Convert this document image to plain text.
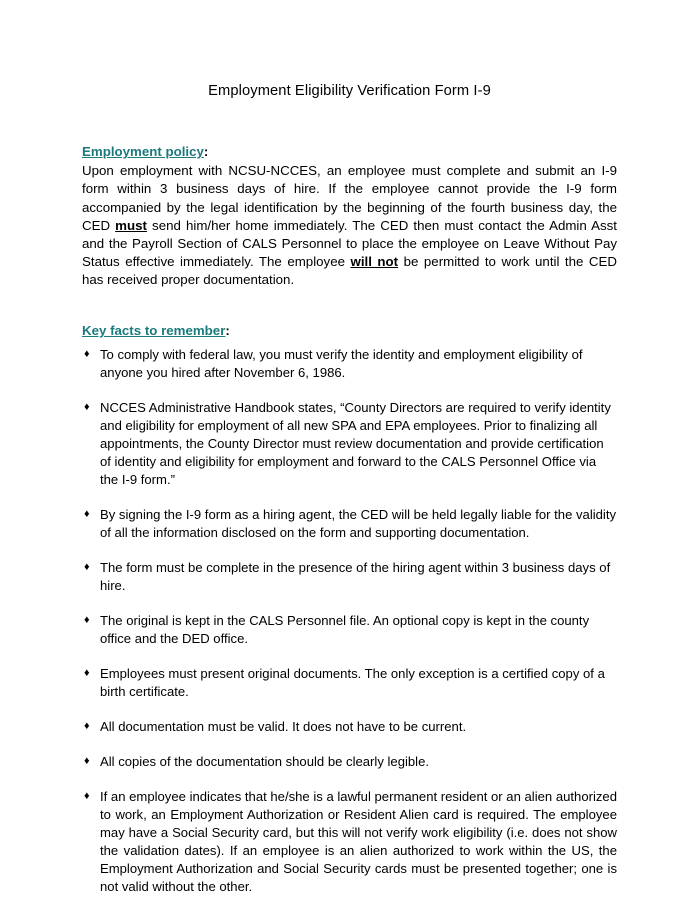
Employment Eligibility Verification Form I-9
Employment policy:

Upon employment with NCSU-NCCES, an employee must complete and submit an I-9 form within 3 business days of hire. If the employee cannot provide the I-9 form accompanied by the legal identification by the beginning of the fourth business day, the CED must send him/her home immediately. The CED then must contact the Admin Asst and the Payroll Section of CALS Personnel to place the employee on Leave Without Pay Status effective immediately. The employee will not be permitted to work until the CED has received proper documentation.

Key facts to remember:
♦ To comply with federal law, you must verify the identity and employment eligibility of anyone you hired after November 6, 1986.
♦ NCCES Administrative Handbook states, “County Directors are required to verify identity and eligibility for employment of all new SPA and EPA employees. Prior to finalizing all appointments, the County Director must review documentation and provide certification of identity and eligibility for employment and forward to the CALS Personnel Office via the I-9 form.”
♦ By signing the I-9 form as a hiring agent, the CED will be held legally liable for the validity of all the information disclosed on the form and supporting documentation.
♦ The form must be complete in the presence of the hiring agent within 3 business days of hire.
♦ The original is kept in the CALS Personnel file. An optional copy is kept in the county office and the DED office.
♦ Employees must present original documents. The only exception is a certified copy of a birth certificate.
♦ All documentation must be valid. It does not have to be current.
♦ All copies of the documentation should be clearly legible.
♦ If an employee indicates that he/she is a lawful permanent resident or an alien authorized to work, an Employment Authorization or Resident Alien card is required. The employee may have a Social Security card, but this will not verify work eligibility (i.e. does not show the validation dates). If an employee is an alien authorized to work within the US, the Employment Authorization and Social Security cards must be presented together; one is not valid without the other.
